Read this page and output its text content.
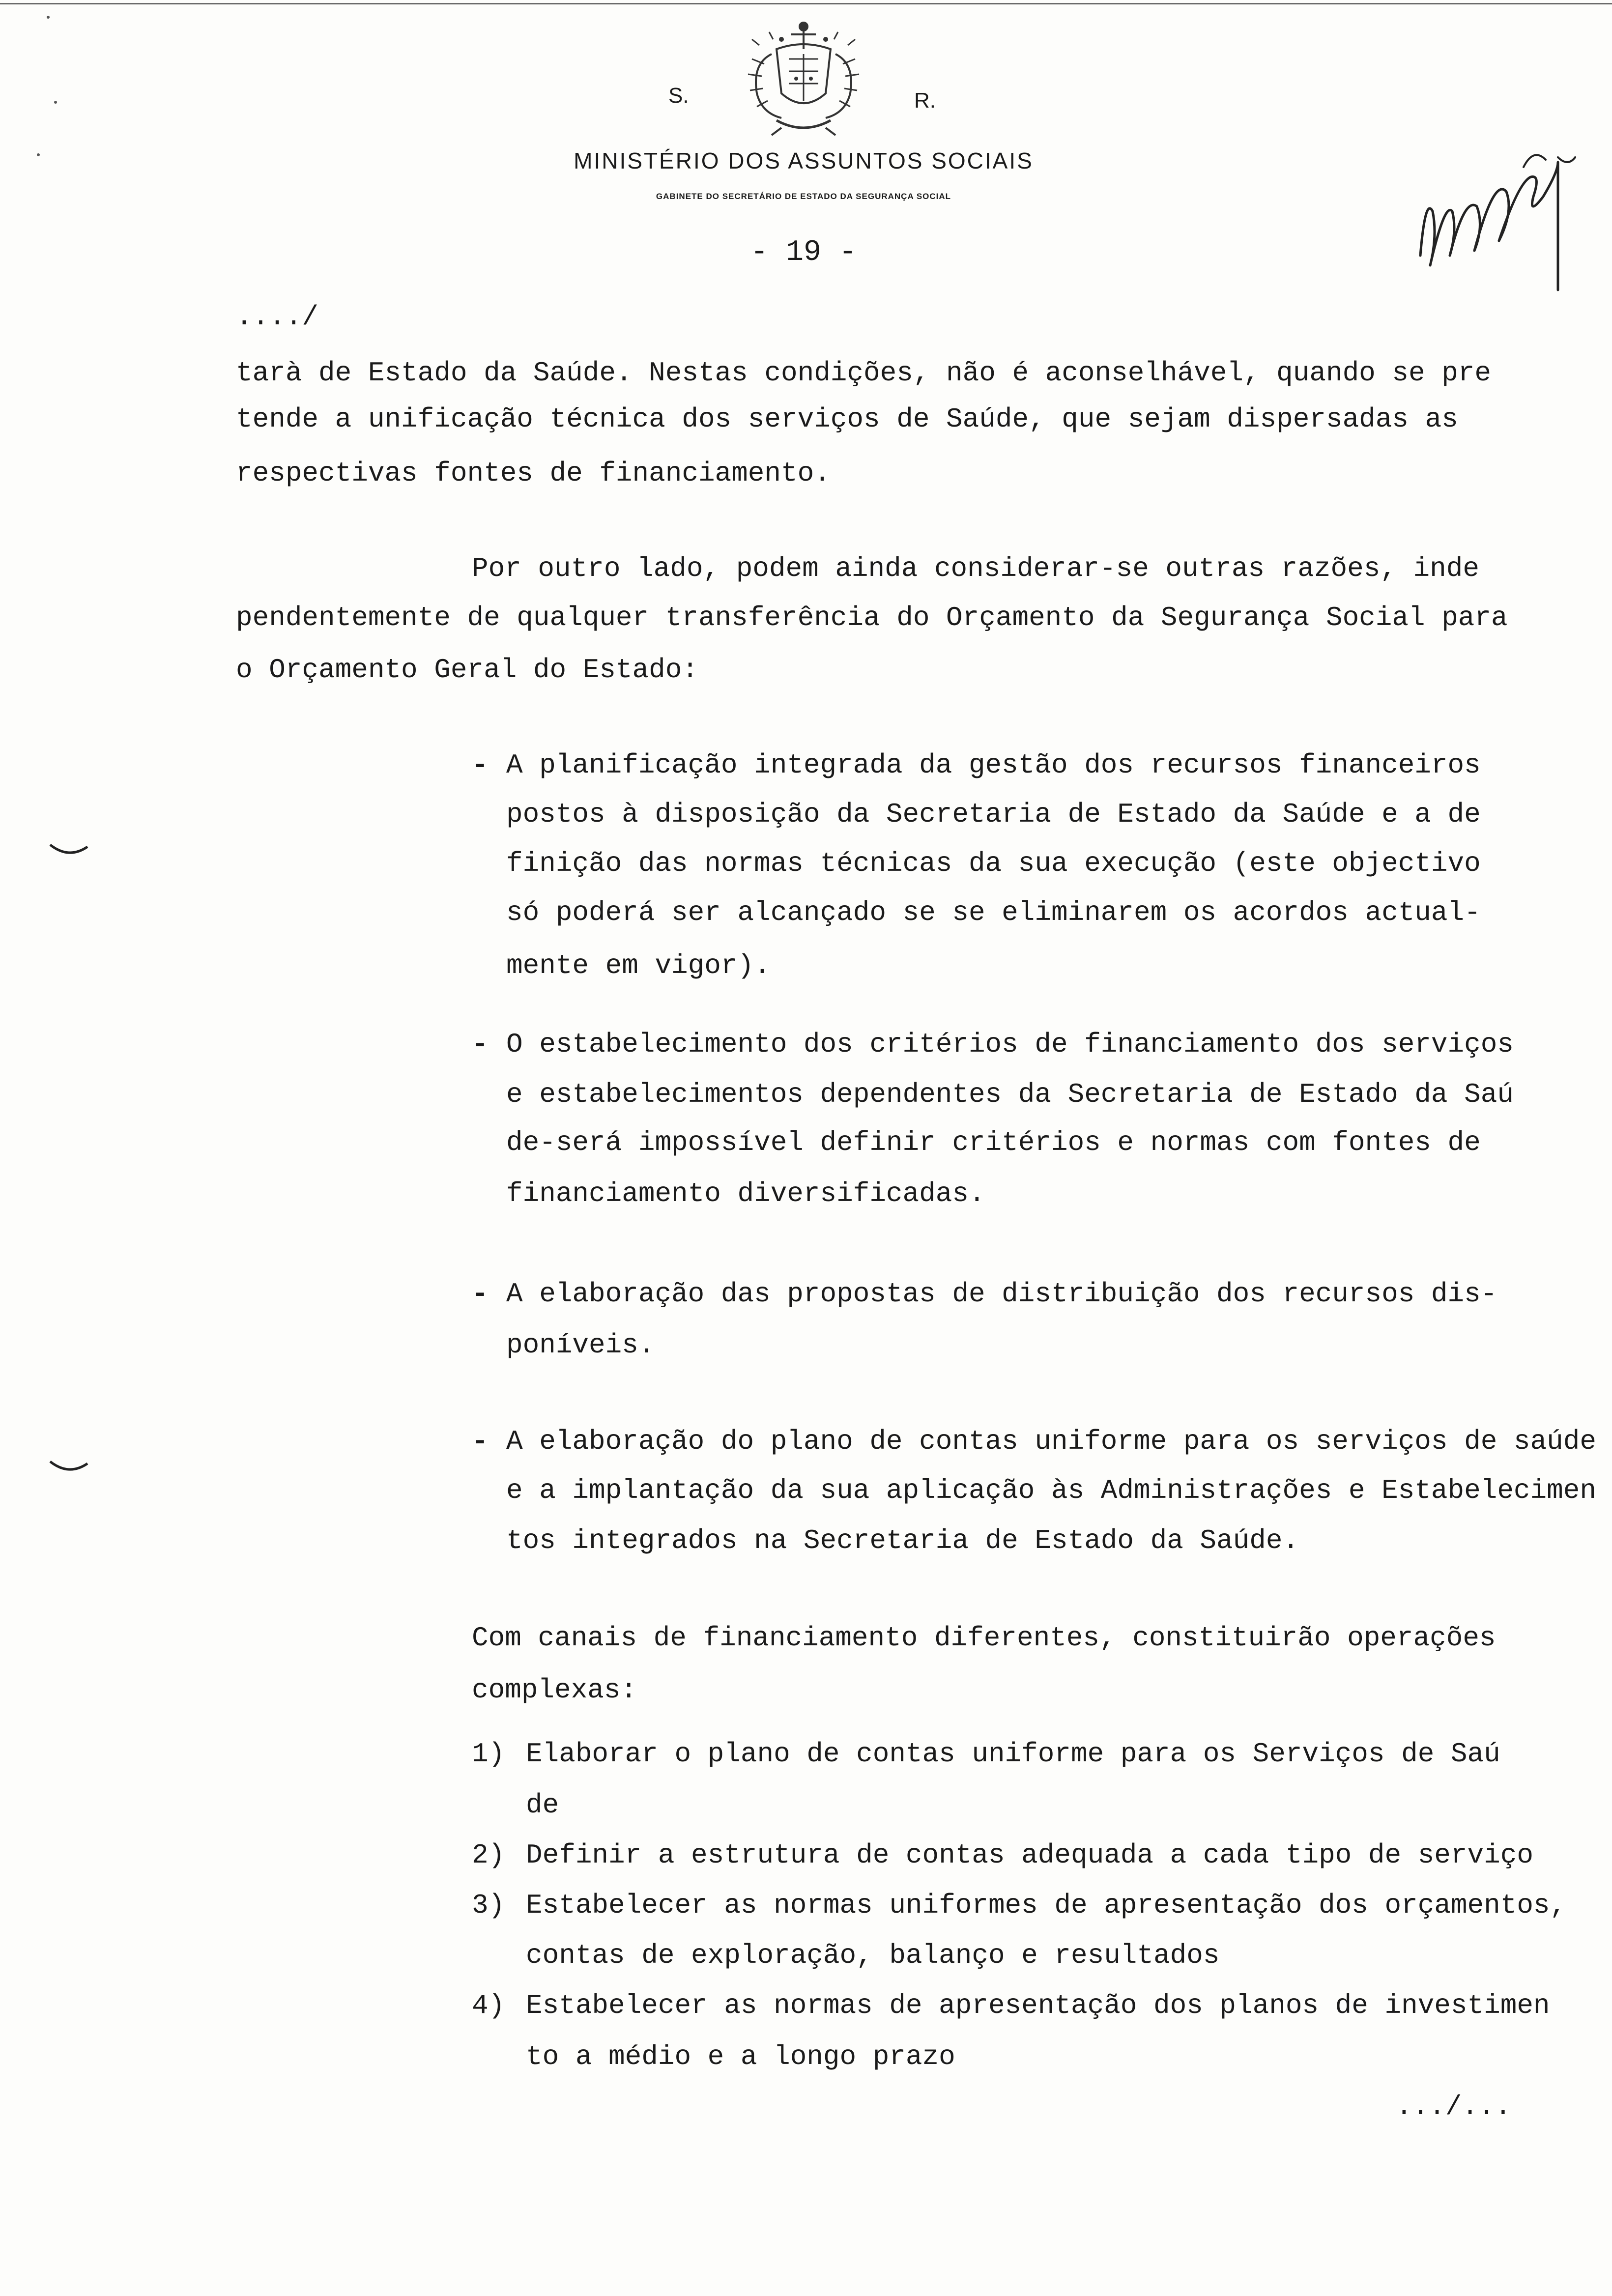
S.	R.
MINISTÉRIO DOS ASSUNTOS SOCIAIS
GABINETE DO SECRETÁRIO DE ESTADO DA SEGURANÇA SOCIAL
- 19 -
..../
tarà de Estado da Saúde. Nestas condições, não é aconselhável, quando se pre
tende a unificação técnica dos serviços de Saúde, que sejam dispersadas as
respectivas fontes de financiamento.
Por outro lado, podem ainda considerar-se outras razões, inde
pendentemente de qualquer transferência do Orçamento da Segurança Social para
o Orçamento Geral do Estado:
- A planificação integrada da gestão dos recursos financeiros
postos à disposição da Secretaria de Estado da Saúde e a de
finição das normas técnicas da sua execução (este objectivo
só poderá ser alcançado se se eliminarem os acordos actual-
mente em vigor).
- O estabelecimento dos critérios de financiamento dos serviços
e estabelecimentos dependentes da Secretaria de Estado da Saú
de-será impossível definir critérios e normas com fontes de
financiamento diversificadas.
- A elaboração das propostas de distribuição dos recursos dis-
poníveis.
- A elaboração do plano de contas uniforme para os serviços de saúde
e a implantação da sua aplicação às Administrações e Estabelecimen
tos integrados na Secretaria de Estado da Saúde.
Com canais de financiamento diferentes, constituirão operações
complexas:
1) Elaborar o plano de contas uniforme para os Serviços de Saú
de
2) Definir a estrutura de contas adequada a cada tipo de serviço
3) Estabelecer as normas uniformes de apresentação dos orçamentos,
contas de exploração, balanço e resultados
4) Estabelecer as normas de apresentação dos planos de investimen
to a médio e a longo prazo
.../...
